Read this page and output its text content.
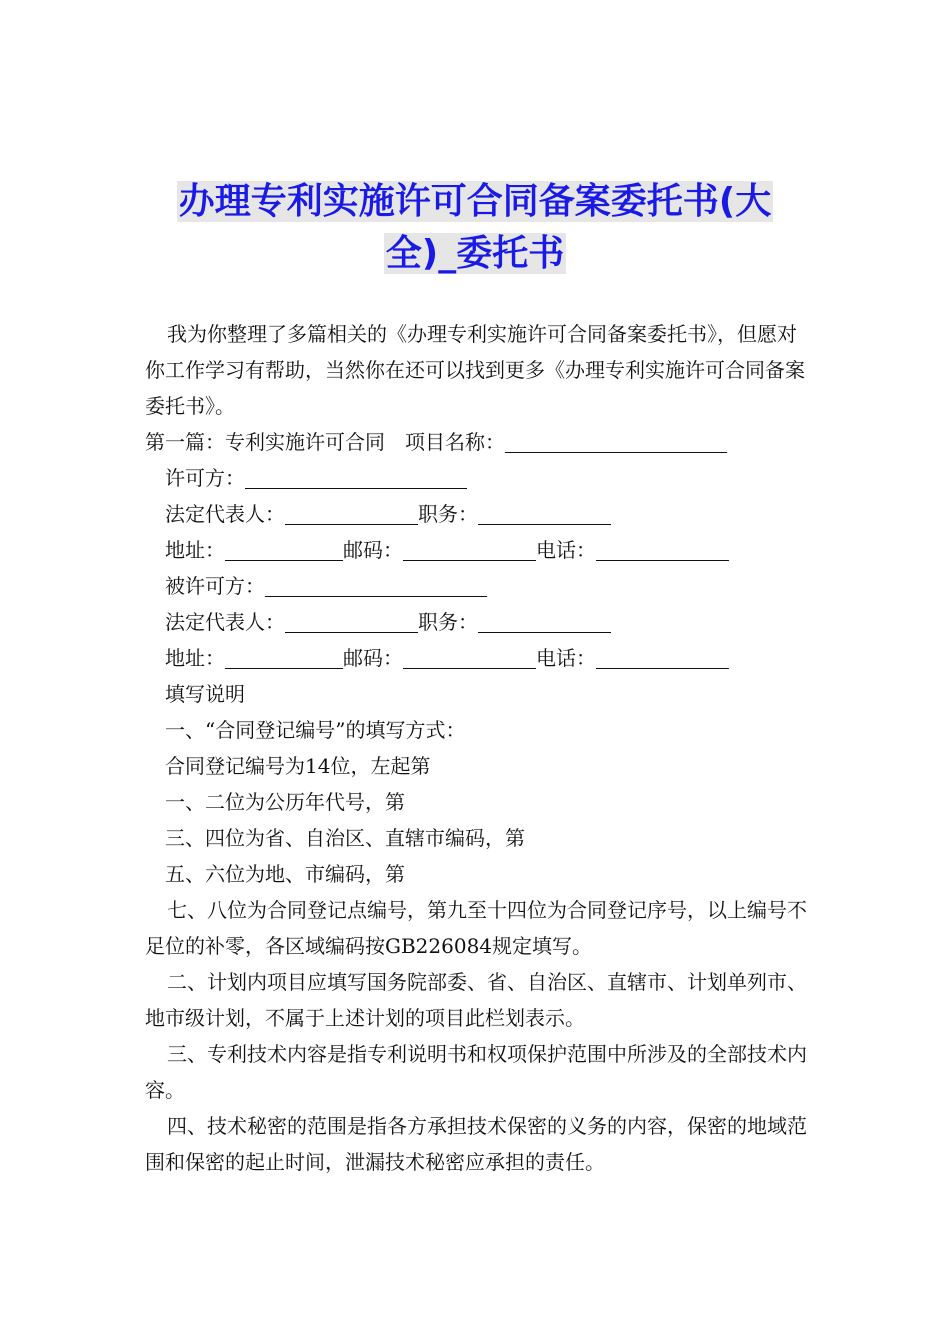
办理专利实施许可合同备案委托书(大
全)_委托书

我为你整理了多篇相关的《办理专利实施许可合同备案委托书》，但愿对你工作学习有帮助，当然你在还可以找到更多《办理专利实施许可合同备案委托书》。

第一篇：专利实施许可合同 项目名称：

许可方：

法定代表人：	职务：

地址：	邮码：	电话：

被许可方：

法定代表人：	职务：

地址：	邮码：	电话：

填写说明

一、“合同登记编号”的填写方式：

合同登记编号为14位，左起第

一、二位为公历年代号，第

三、四位为省、自治区、直辖市编码，第

五、六位为地、市编码，第

七、八位为合同登记点编号，第九至十四位为合同登记序号，以上编号不足位的补零，各区域编码按GB226084规定填写。

二、计划内项目应填写国务院部委、省、自治区、直辖市、计划单列市、地市级计划，不属于上述计划的项目此栏划表示。

三、专利技术内容是指专利说明书和权项保护范围中所涉及的全部技术内容。

四、技术秘密的范围是指各方承担技术保密的义务的内容，保密的地域范围和保密的起止时间，泄漏技术秘密应承担的责任。
